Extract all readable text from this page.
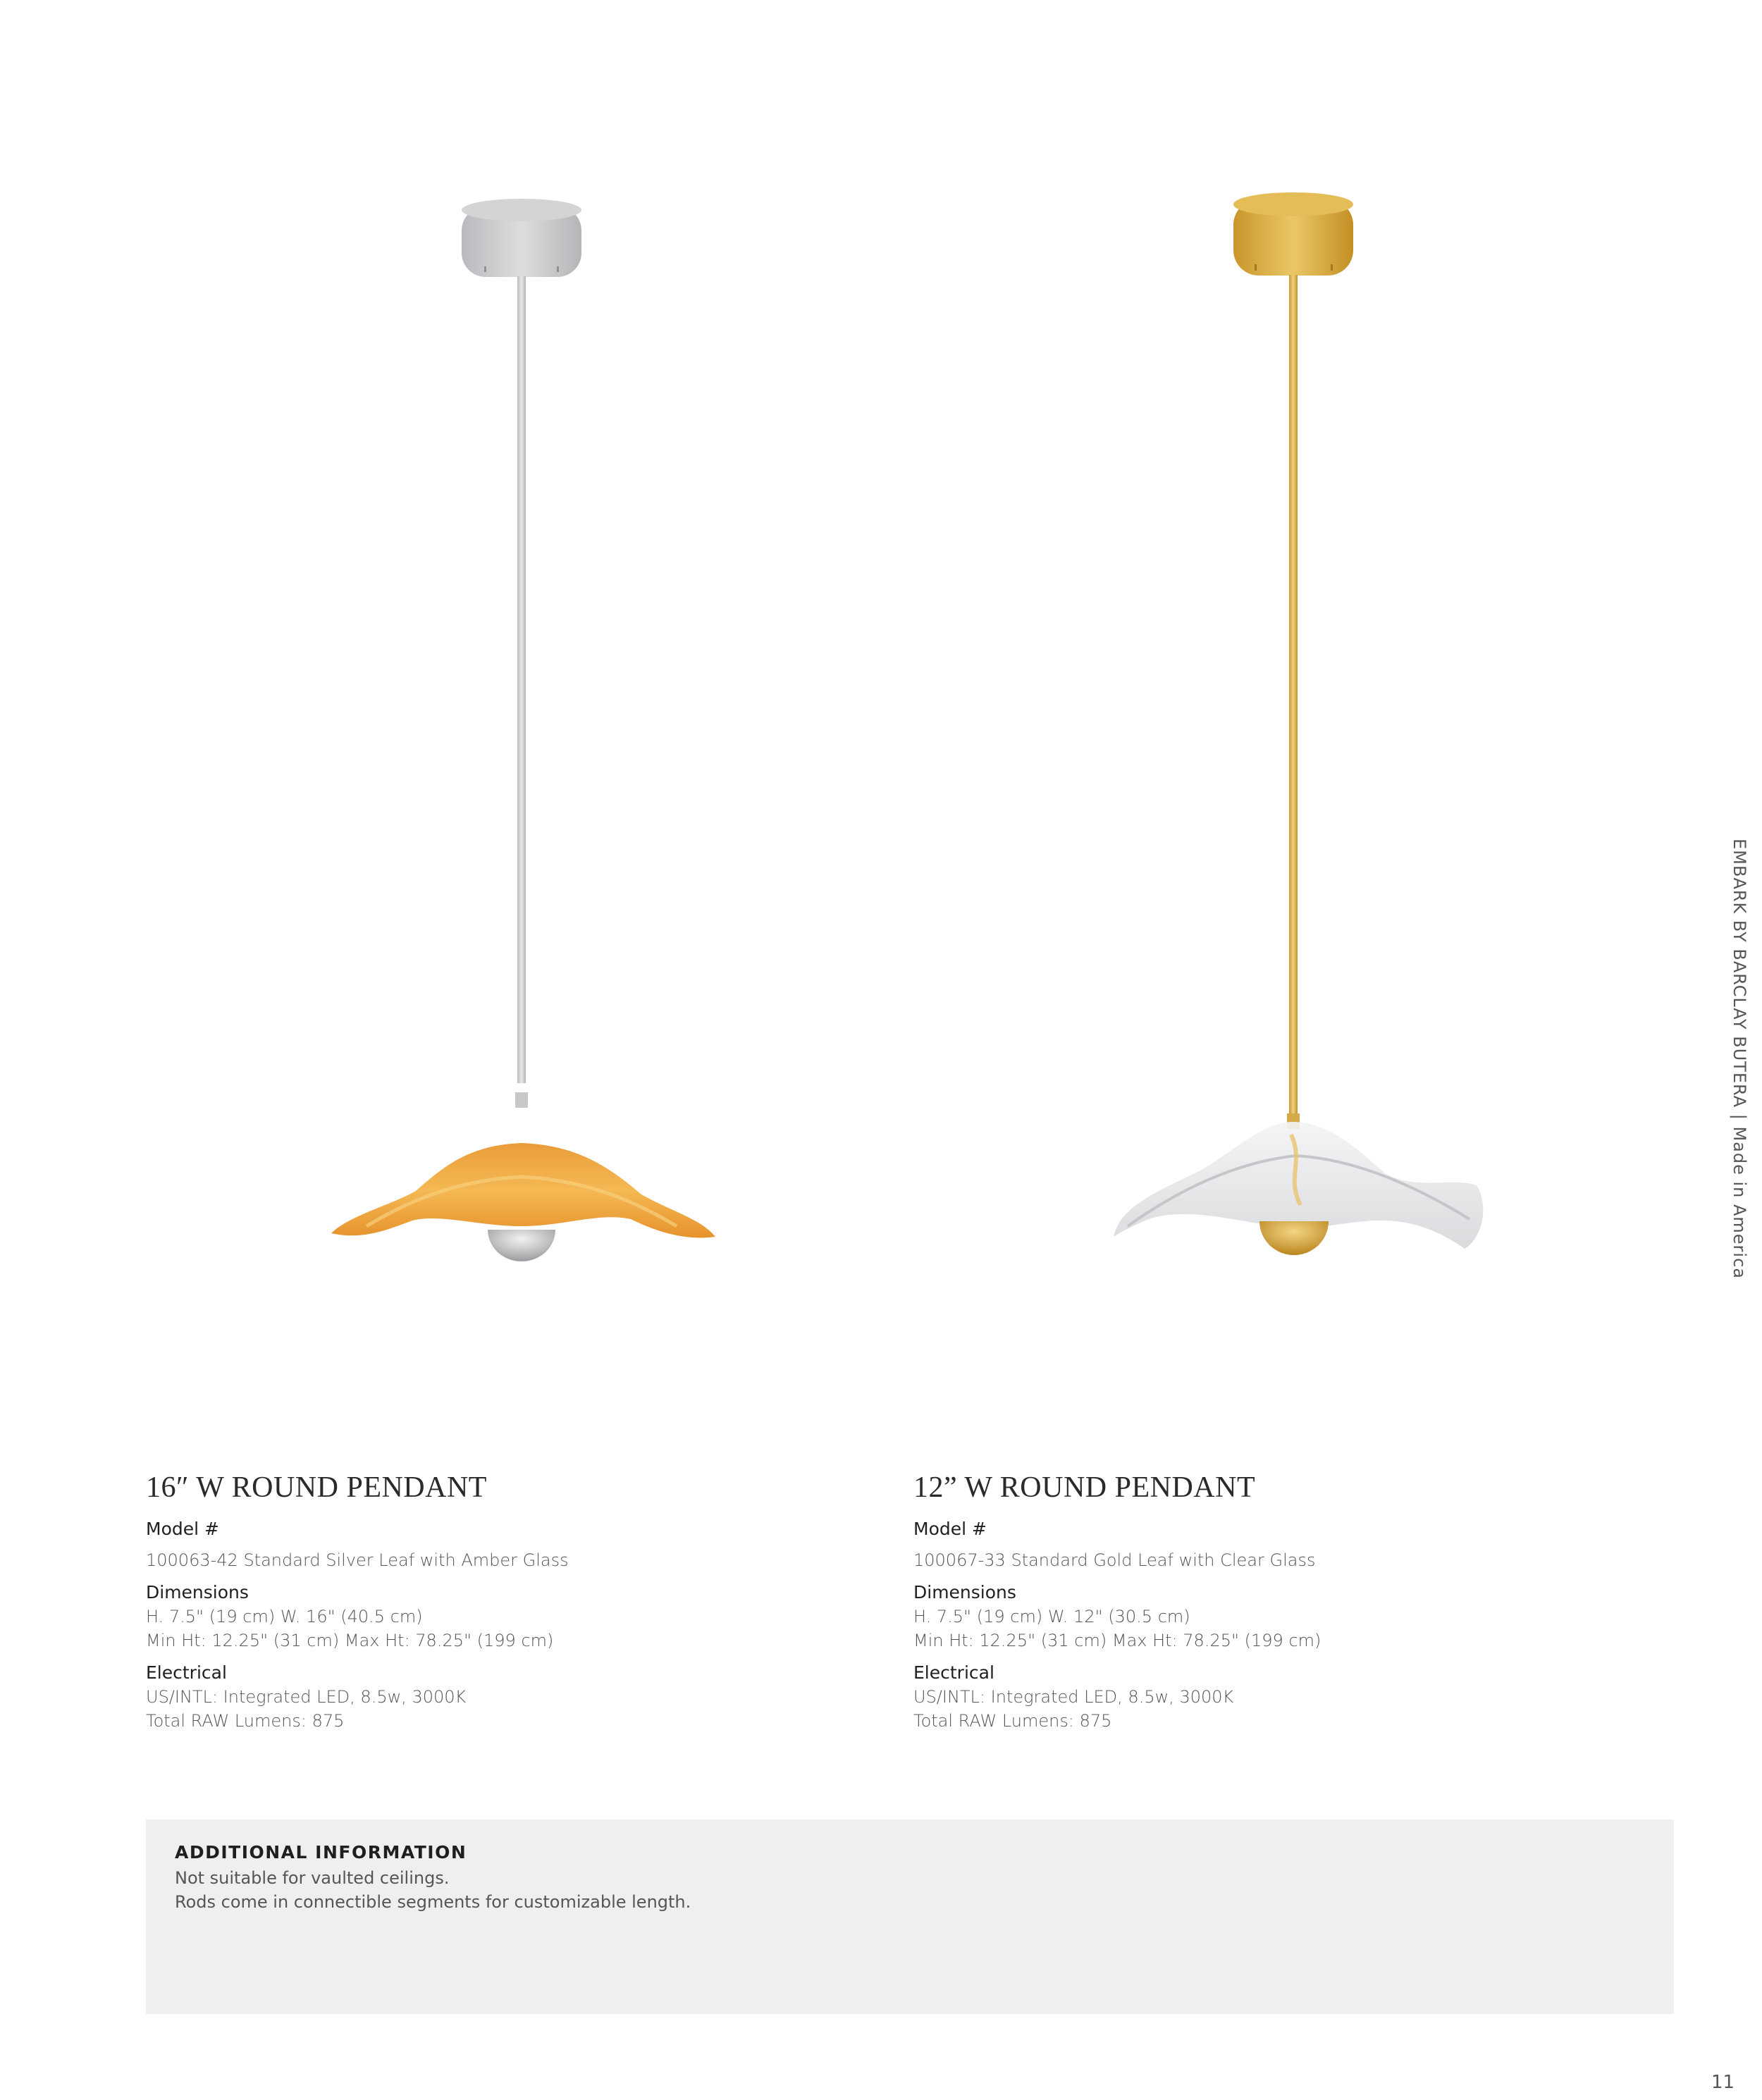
16″ W ROUND PENDANT

Model #

100063-42 Standard Silver Leaf with Amber Glass

Dimensions

H. 7.5" (19 cm) W. 16" (40.5 cm)

Min Ht: 12.25" (31 cm) Max Ht: 78.25" (199 cm)

Electrical

US/INTL: Integrated LED, 8.5w, 3000K

Total RAW Lumens: 875

12” W ROUND PENDANT

Model #

100067-33 Standard Gold Leaf with Clear Glass

Dimensions

H. 7.5" (19 cm) W. 12" (30.5 cm)

Min Ht: 12.25" (31 cm) Max Ht: 78.25" (199 cm)

Electrical

US/INTL: Integrated LED, 8.5w, 3000K

Total RAW Lumens: 875

ADDITIONAL INFORMATION
Not suitable for vaulted ceilings.
Rods come in connectible segments for customizable length.
EMBARK BY BARCLAY BUTERA | Made in America
11
